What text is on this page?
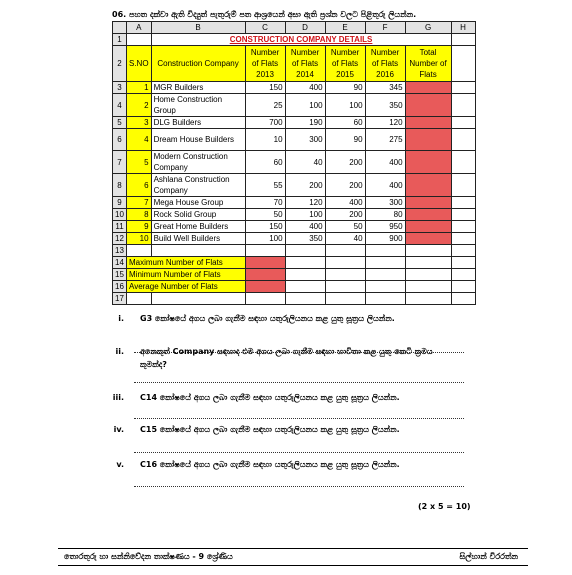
06. පහත දක්වා ඇති විද්‍යුත් පැතුරුම් පත ආශ්‍රයෙන් අසා ඇති ප්‍රශ්න වලට පිළිතුරු ලියන්න.
	A	B	C	D	E	F	G	H
1		CONSTRUCTION COMPANY DETAILS						
2	S.NO	Construction Company	Number of Flats 2013	Number of Flats 2014	Number of Flats 2015	Number of Flats 2016	Total Number of Flats	
3	1	MGR Builders	150	400	90	345		
4	2	Home Construction Group	25	100	100	350		
5	3	DLG Builders	700	190	60	120		
6	4	Dream House Builders	10	300	90	275		
7	5	Modern Construction Company	60	40	200	400		
8	6	Ashlana Construction Company	55	200	200	400		
9	7	Mega House Group	70	120	400	300		
10	8	Rock Solid Group	50	100	200	80		
11	9	Great Home Builders	150	400	50	950		
12	10	Build Well Builders	100	350	40	900		
13								
14	Maximum Number of Flats							
15	Minimum Number of Flats							
16	Average Number of Flats							
17								
i. G3 කෝෂයේ අගය ලබා ගැනීම සඳහා යතුරුලියනය කළ යුතු සූත්‍රය ලියන්න.
ii. අනෙකුත් Company සඳහාද එම අගය ලබා ගැනීම සඳහා භාවිතා කළ යුතු කෙටි ක්‍රමය කුමක්ද?
iii. C14 කෝෂයේ අගය ලබා ගැනීම සඳහා යතුරුලියනය කළ යුතු සූත්‍රය ලියන්න.
iv. C15 කෝෂයේ අගය ලබා ගැනීම සඳහා යතුරුලියනය කළ යුතු සූත්‍රය ලියන්න.
v. C16 කෝෂයේ අගය ලබා ගැනීම සඳහා යතුරුලියනය කළ යුතු සූත්‍රය ලියන්න.
(2 x 5 = 10)
තොරතුරු හා සන්නිවේදන තාක්ෂණය - 9 ශ්‍රේණිය	සිල්හාන් වීරරත්න
